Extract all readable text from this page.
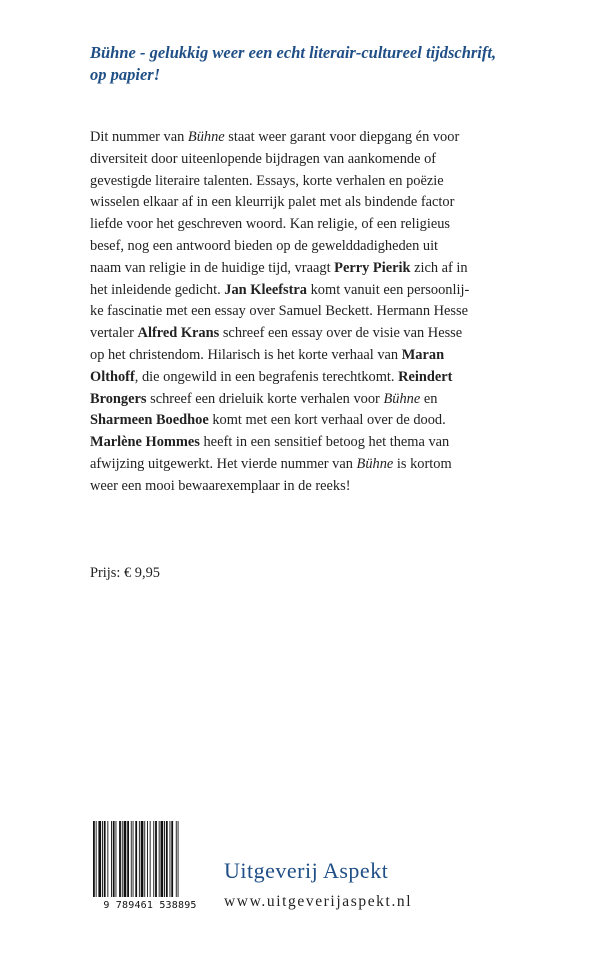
Bühne - gelukkig weer een echt literair-cultureel tijdschrift,
op papier!
Dit nummer van Bühne staat weer garant voor diepgang én voor
diversiteit door uiteenlopende bijdragen van aankomende of
gevestigde literaire talenten. Essays, korte verhalen en poëzie
wisselen elkaar af in een kleurrijk palet met als bindende factor
liefde voor het geschreven woord. Kan religie, of een religieus
besef, nog een antwoord bieden op de gewelddadigheden uit
naam van religie in de huidige tijd, vraagt Perry Pierik zich af in
het inleidende gedicht. Jan Kleefstra komt vanuit een persoonlij-
ke fascinatie met een essay over Samuel Beckett. Hermann Hesse
vertaler Alfred Krans schreef een essay over de visie van Hesse
op het christendom. Hilarisch is het korte verhaal van Maran
Olthoff, die ongewild in een begrafenis terechtkomt. Reindert
Brongers schreef een drieluik korte verhalen voor Bühne en
Sharmeen Boedhoe komt met een kort verhaal over de dood.
Marlène Hommes heeft in een sensitief betoog het thema van
afwijzing uitgewerkt. Het vierde nummer van Bühne is kortom
weer een mooi bewaarexemplaar in de reeks!
Prijs: € 9,95
9 789461 538895
Uitgeverij Aspekt
www.uitgeverijaspekt.nl
